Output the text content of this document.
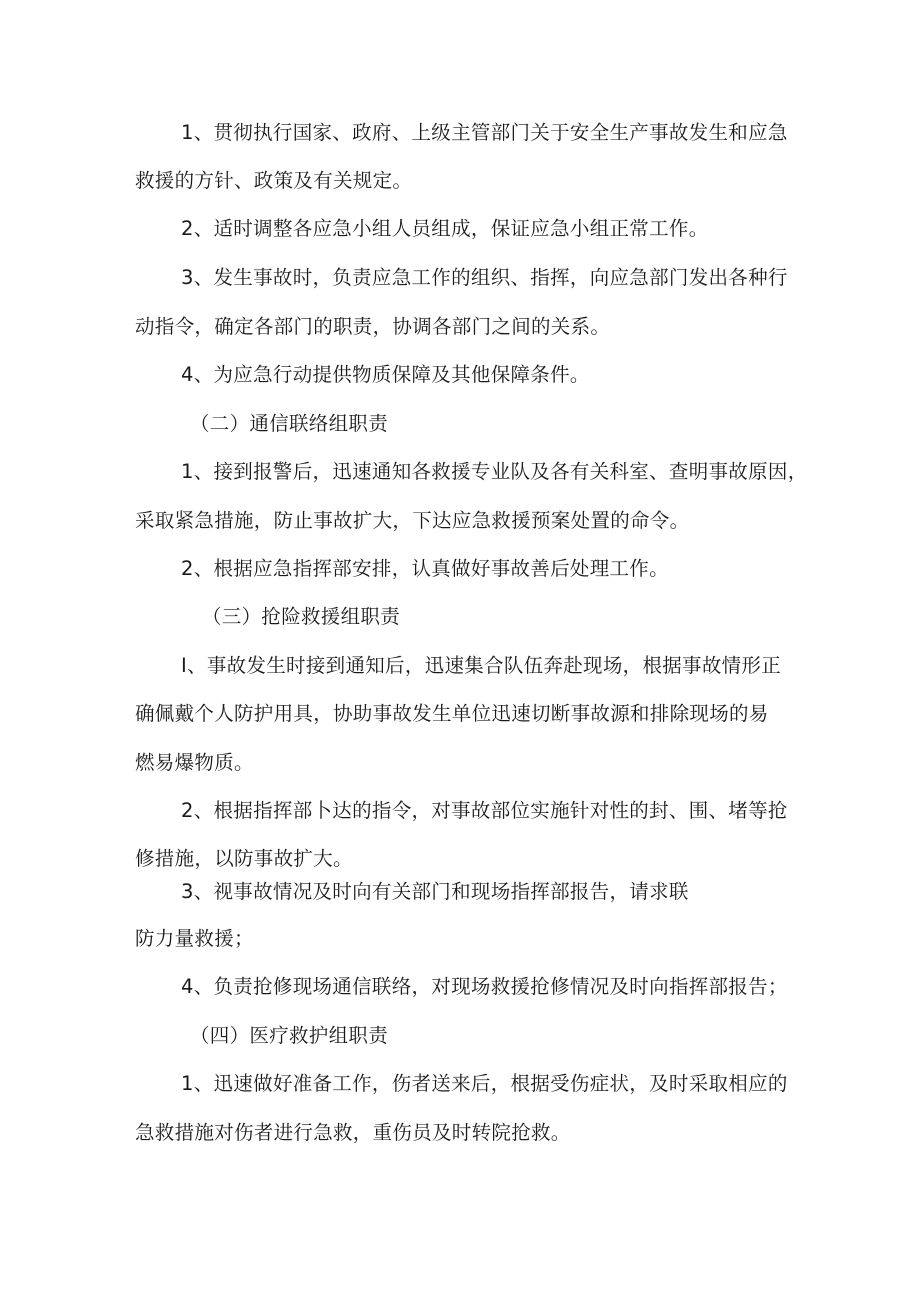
1、贯彻执行国家、政府、上级主管部门关于安全生产事故发生和应急

救援的方针、政策及有关规定。

2、适时调整各应急小组人员组成，保证应急小组正常工作。

3、发生事故时，负责应急工作的组织、指挥，向应急部门发出各种行

动指令，确定各部门的职责，协调各部门之间的关系。

4、为应急行动提供物质保障及其他保障条件。

（二）通信联络组职责

1、接到报警后，迅速通知各救援专业队及各有关科室、查明事故原因，

采取紧急措施，防止事故扩大，下达应急救援预案处置的命令。

2、根据应急指挥部安排，认真做好事故善后处理工作。

（三）抢险救援组职责

I、事故发生时接到通知后，迅速集合队伍奔赴现场，根据事故情形正

确佩戴个人防护用具，协助事故发生单位迅速切断事故源和排除现场的易

燃易爆物质。

2、根据指挥部卜达的指令，对事故部位实施针对性的封、围、堵等抢

修措施，以防事故扩大。

3、视事故情况及时向有关部门和现场指挥部报告，请求联

防力量救援；

4、负责抢修现场通信联络，对现场救援抢修情况及时向指挥部报告；

（四）医疗救护组职责

1、迅速做好准备工作，伤者送来后，根据受伤症状，及时采取相应的

急救措施对伤者进行急救，重伤员及时转院抢救。
